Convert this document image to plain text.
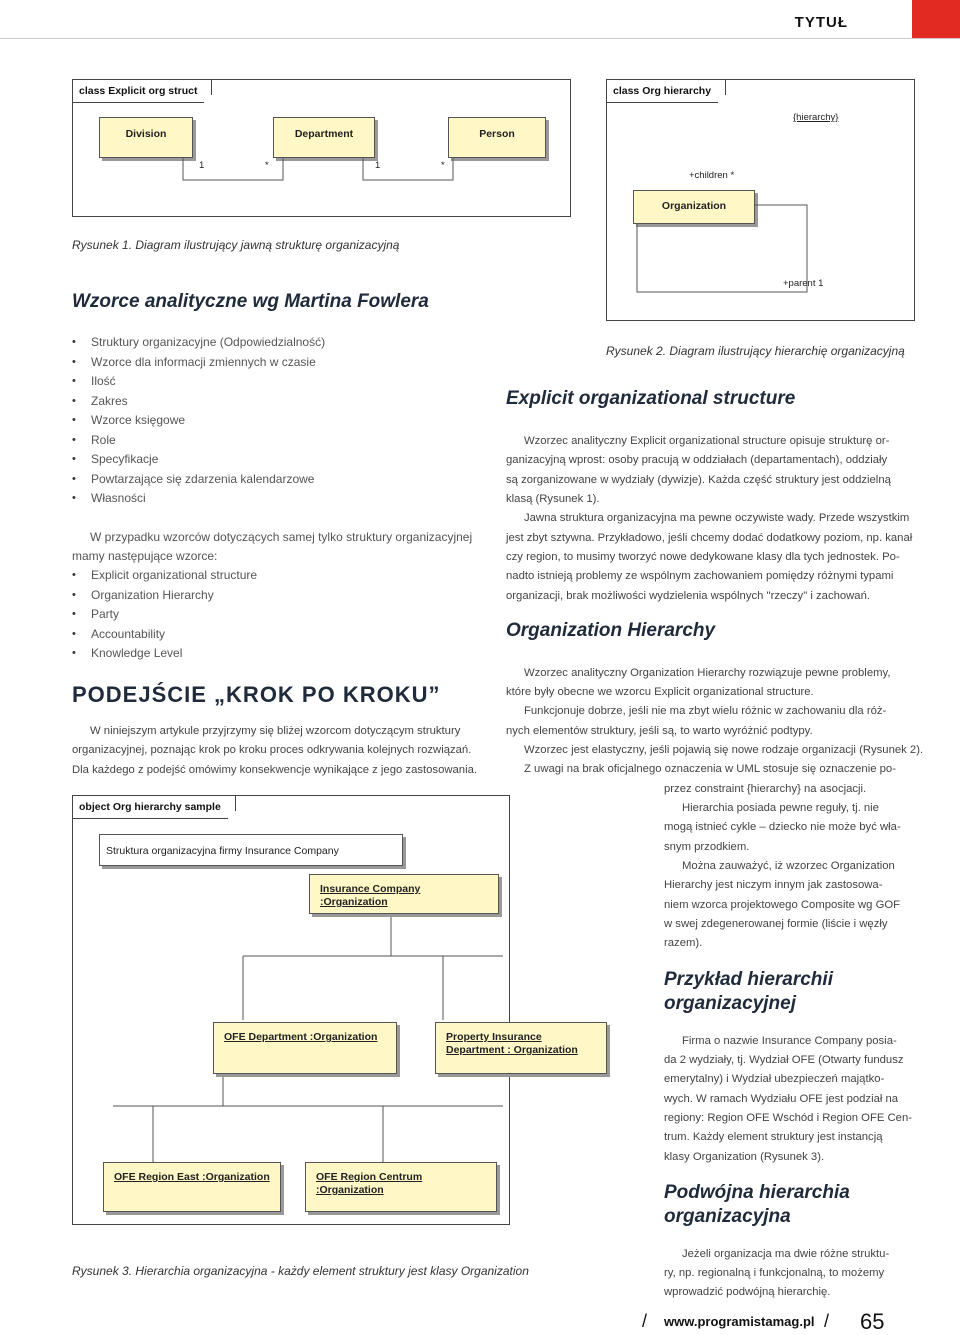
TYTUŁ
class Explicit org struct
Division	Department	Person
1	*	1	*
Rysunek 1. Diagram ilustrujący jawną strukturę organizacyjną
class Org hierarchy
{hierarchy}
+children *
Organization
+parent 1
Rysunek 2. Diagram ilustrujący hierarchię organizacyjną
Wzorce analityczne wg Martina Fowlera
• Struktury organizacyjne (Odpowiedzialność)
• Wzorce dla informacji zmiennych w czasie
• Ilość
• Zakres
• Wzorce księgowe
• Role
• Specyfikacje
• Powtarzające się zdarzenia kalendarzowe
• Własności
W przypadku wzorców dotyczących samej tylko struktury organizacyjnej
mamy następujące wzorce:
• Explicit organizational structure
• Organization Hierarchy
• Party
• Accountability
• Knowledge Level
PODEJŚCIE „KROK PO KROKU”
W niniejszym artykule przyjrzymy się bliżej wzorcom dotyczącym struktury
organizacyjnej, poznając krok po kroku proces odkrywania kolejnych rozwiązań.
Dla każdego z podejść omówimy konsekwencje wynikające z jego zastosowania.
object Org hierarchy sample
Struktura organizacyjna firmy Insurance Company
Insurance Company :Organization
OFE Department :Organization	Property Insurance Department : Organization
OFE Region East :Organization	OFE Region Centrum :Organization
Rysunek 3. Hierarchia organizacyjna - każdy element struktury jest klasy Organization
Explicit organizational structure
Wzorzec analityczny Explicit organizational structure opisuje strukturę or-
ganizacyjną wprost: osoby pracują w oddziałach (departamentach), oddziały
są zorganizowane w wydziały (dywizje). Każda część struktury jest oddzielną
klasą (Rysunek 1).
Jawna struktura organizacyjna ma pewne oczywiste wady. Przede wszystkim
jest zbyt sztywna. Przykładowo, jeśli chcemy dodać dodatkowy poziom, np. kanał
czy region, to musimy tworzyć nowe dedykowane klasy dla tych jednostek. Po-
nadto istnieją problemy ze wspólnym zachowaniem pomiędzy różnymi typami
organizacji, brak możliwości wydzielenia wspólnych "rzeczy" i zachowań.
Organization Hierarchy
Wzorzec analityczny Organization Hierarchy rozwiązuje pewne problemy,
które były obecne we wzorcu Explicit organizational structure.
Funkcjonuje dobrze, jeśli nie ma zbyt wielu różnic w zachowaniu dla róż-
nych elementów struktury, jeśli są, to warto wyróżnić podtypy.
Wzorzec jest elastyczny, jeśli pojawią się nowe rodzaje organizacji (Rysunek 2).
Z uwagi na brak oficjalnego oznaczenia w UML stosuje się oznaczenie po-
przez constraint {hierarchy} na asocjacji.
Hierarchia posiada pewne reguły, tj. nie
mogą istnieć cykle – dziecko nie może być wła-
snym przodkiem.
Można zauważyć, iż wzorzec Organization
Hierarchy jest niczym innym jak zastosowa-
niem wzorca projektowego Composite wg GOF
w swej zdegenerowanej formie (liście i węzły
razem).
Przykład hierarchii
organizacyjnej
Firma o nazwie Insurance Company posia-
da 2 wydziały, tj. Wydział OFE (Otwarty fundusz
emerytalny) i Wydział ubezpieczeń majątko-
wych. W ramach Wydziału OFE jest podział na
regiony: Region OFE Wschód i Region OFE Cen-
trum. Każdy element struktury jest instancją
klasy Organization (Rysunek 3).
Podwójna hierarchia
organizacyjna
Jeżeli organizacja ma dwie różne struktu-
ry, np. regionalną i funkcjonalną, to możemy
wprowadzić podwójną hierarchię.
/ www.programistamag.pl / 65
